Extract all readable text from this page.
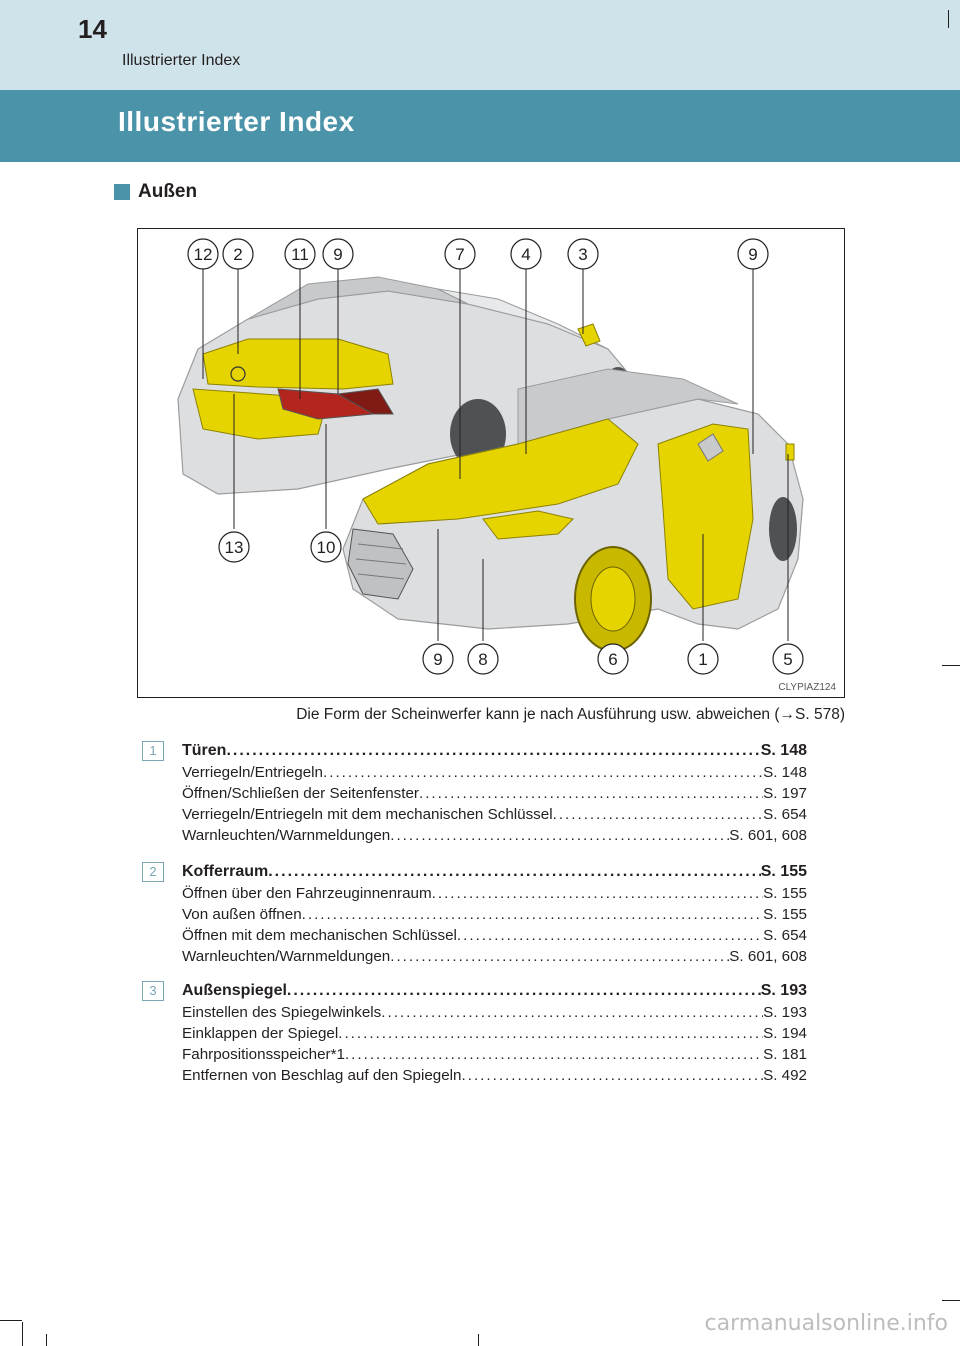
14
Illustrierter Index
Illustrierter Index
Außen
12 2	11 9	7	4	3	9
13	10
9 8	6	1	5
CLYPIAZ124
Die Form der Scheinwerfer kann je nach Ausführung usw. abweichen (→S. 578)
1	Türen .....	S. 148
Verriegeln/Entriegeln .....	S. 148
Öffnen/Schließen der Seitenfenster .....	S. 197
Verriegeln/Entriegeln mit dem mechanischen Schlüssel .....	S. 654
Warnleuchten/Warnmeldungen .....	S. 601, 608
2	Kofferraum .....	S. 155
Öffnen über den Fahrzeuginnenraum .....	S. 155
Von außen öffnen .....	S. 155
Öffnen mit dem mechanischen Schlüssel .....	S. 654
Warnleuchten/Warnmeldungen .....	S. 601, 608
3	Außenspiegel .....	S. 193
Einstellen des Spiegelwinkels .....	S. 193
Einklappen der Spiegel .....	S. 194
Fahrpositionsspeicher*1 .....	S. 181
Entfernen von Beschlag auf den Spiegeln .....	S. 492
carmanualsonline.info
